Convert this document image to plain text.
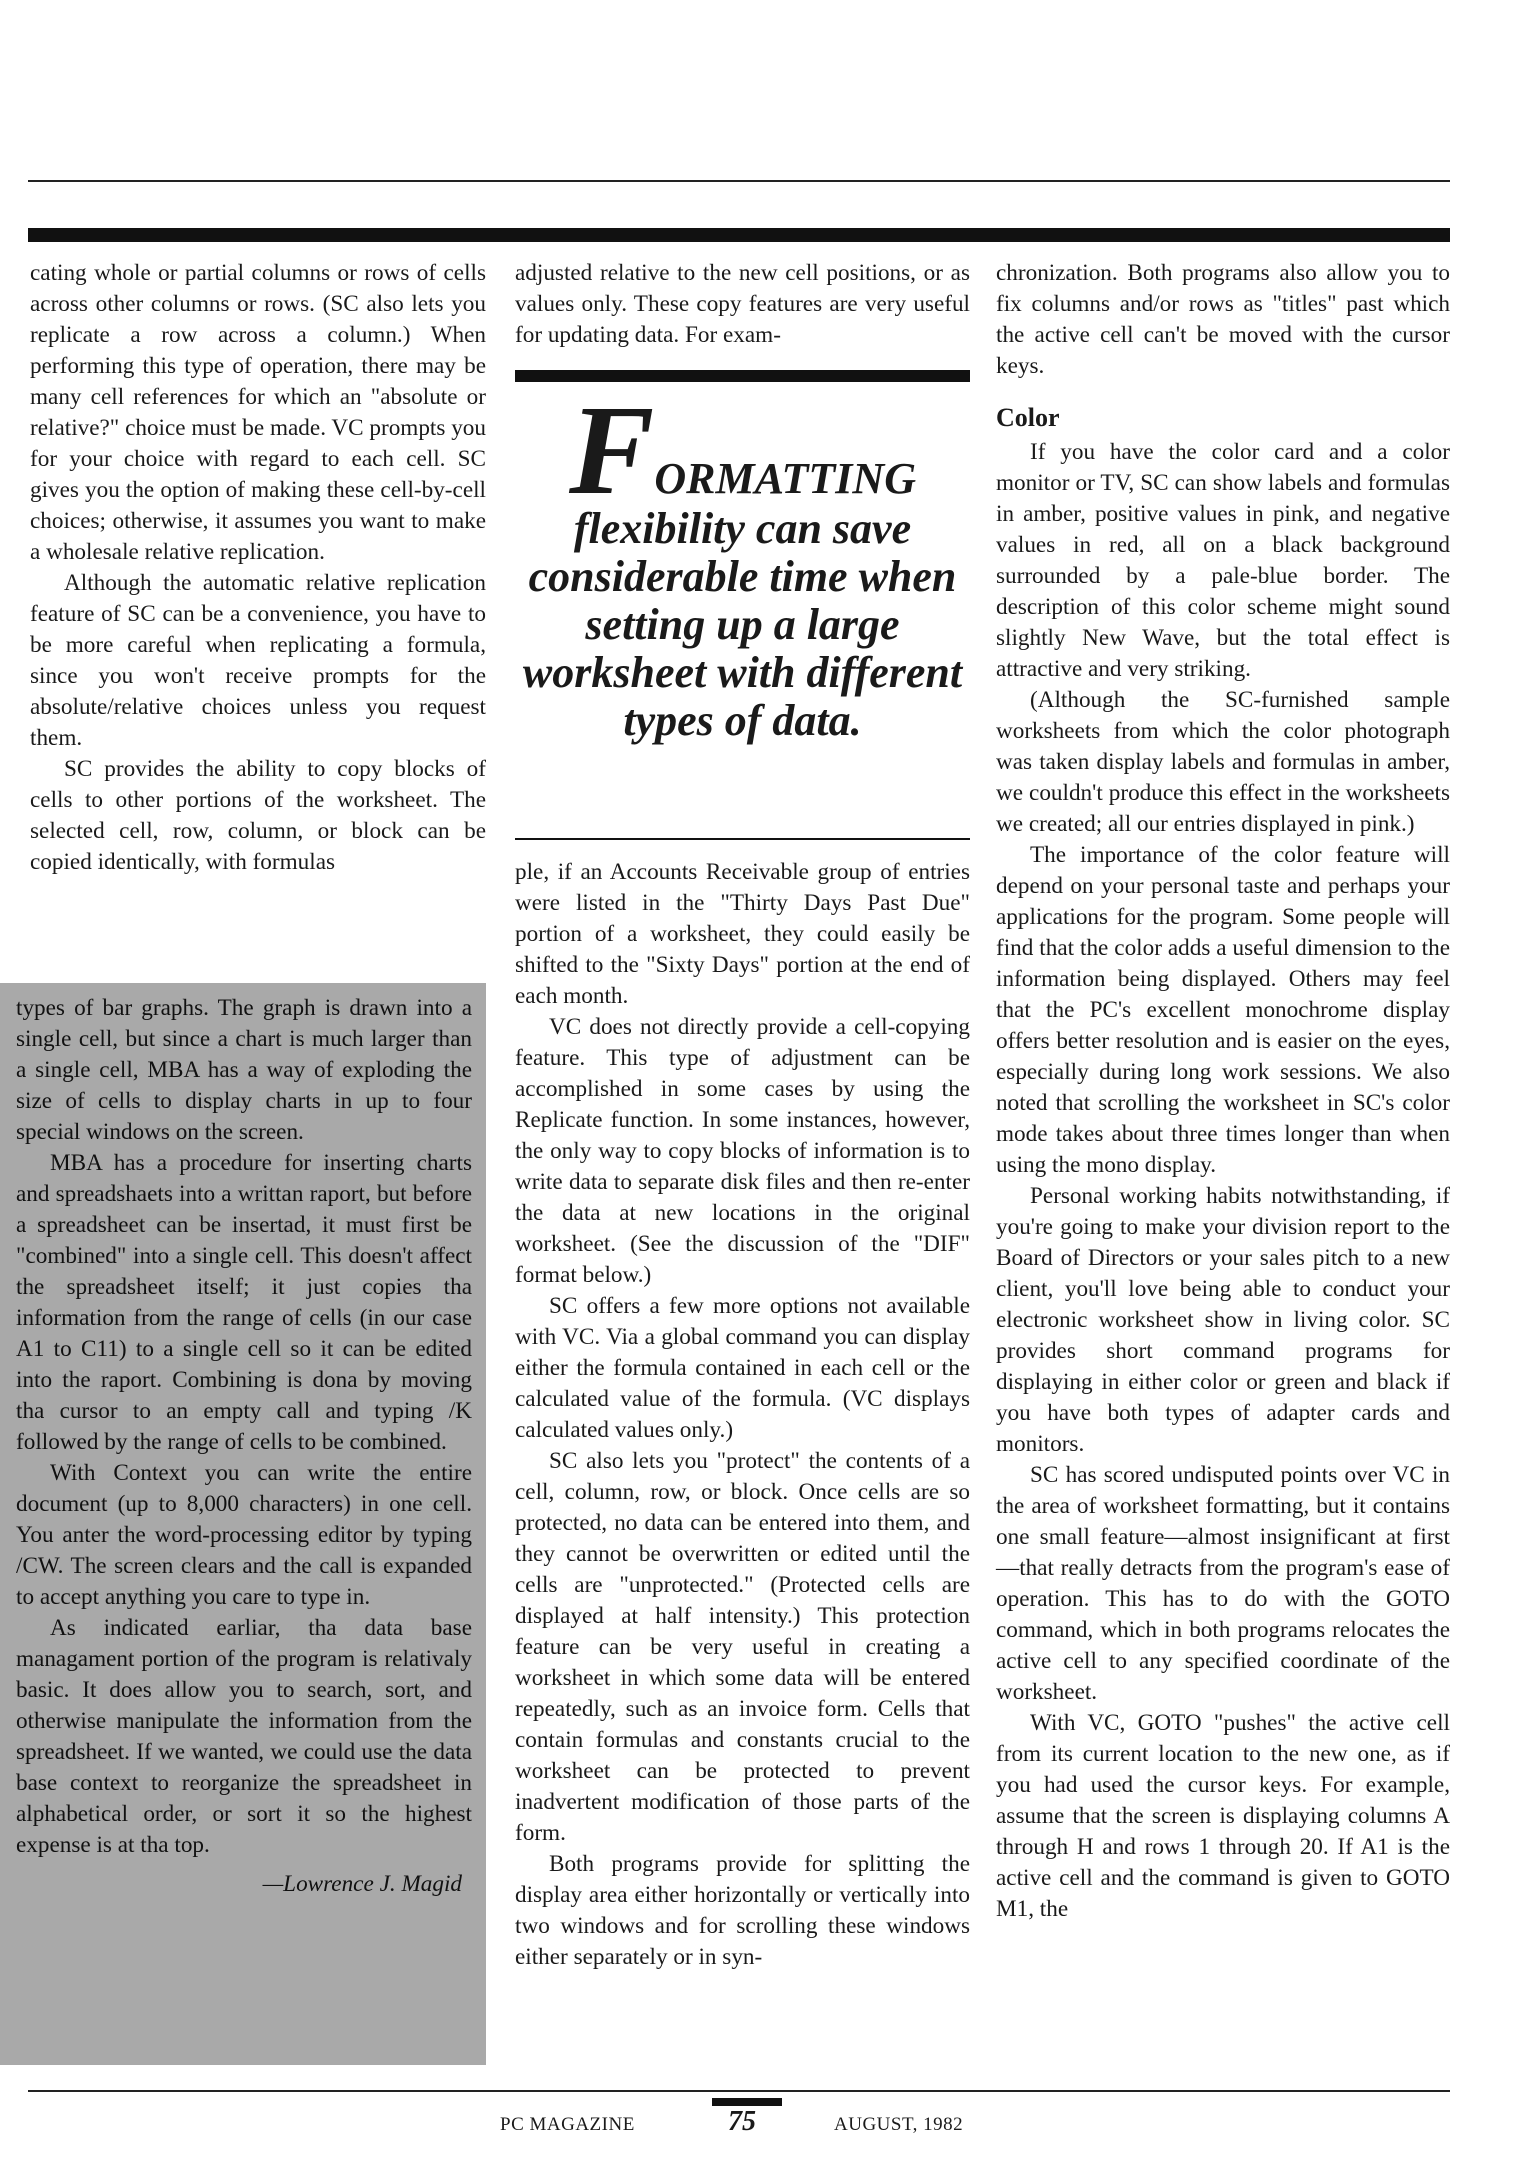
cating whole or partial columns or rows of cells across other columns or rows. (SC also lets you replicate a row across a column.) When performing this type of operation, there may be many cell references for which an "absolute or relative?" choice must be made. VC prompts you for your choice with regard to each cell. SC gives you the option of making these cell-by-cell choices; otherwise, it assumes you want to make a wholesale relative replication.

Although the automatic relative replication feature of SC can be a convenience, you have to be more careful when replicating a formula, since you won't receive prompts for the absolute/relative choices unless you request them.

SC provides the ability to copy blocks of cells to other portions of the worksheet. The selected cell, row, column, or block can be copied identically, with formulas

types of bar graphs. The graph is drawn into a single cell, but since a chart is much larger than a single cell, MBA has a way of exploding the size of cells to display charts in up to four special windows on the screen.

MBA has a procedure for inserting charts and spreadshaets into a writtan raport, but before a spreadsheet can be insertad, it must first be "combined" into a single cell. This doesn't affect the spreadsheet itself; it just copies tha information from the range of cells (in our case A1 to C11) to a single cell so it can be edited into the raport. Combining is dona by moving tha cursor to an empty call and typing /K followed by the range of cells to be combined.

With Context you can write the entire document (up to 8,000 characters) in one cell. You anter the word-processing editor by typing /CW. The screen clears and the call is expanded to accept anything you care to type in.

As indicated earliar, tha data base managament portion of the program is relativaly basic. It does allow you to search, sort, and otherwise manipulate the information from the spreadsheet. If we wanted, we could use the data base context to reorganize the spreadsheet in alphabetical order, or sort it so the highest expense is at tha top.

—Lowrence J. Magid

adjusted relative to the new cell positions, or as values only. These copy features are very useful for updating data. For exam-

FORMATTING
flexibility can save considerable time when setting up a large worksheet with different types of data.

ple, if an Accounts Receivable group of entries were listed in the "Thirty Days Past Due" portion of a worksheet, they could easily be shifted to the "Sixty Days" portion at the end of each month.

VC does not directly provide a cell-copying feature. This type of adjustment can be accomplished in some cases by using the Replicate function. In some instances, however, the only way to copy blocks of information is to write data to separate disk files and then re-enter the data at new locations in the original worksheet. (See the discussion of the "DIF" format below.)

SC offers a few more options not available with VC. Via a global command you can display either the formula contained in each cell or the calculated value of the formula. (VC displays calculated values only.)

SC also lets you "protect" the contents of a cell, column, row, or block. Once cells are so protected, no data can be entered into them, and they cannot be overwritten or edited until the cells are "unprotected." (Protected cells are displayed at half intensity.) This protection feature can be very useful in creating a worksheet in which some data will be entered repeatedly, such as an invoice form. Cells that contain formulas and constants crucial to the worksheet can be protected to prevent inadvertent modification of those parts of the form.

Both programs provide for splitting the display area either horizontally or vertically into two windows and for scrolling these windows either separately or in syn-

chronization. Both programs also allow you to fix columns and/or rows as "titles" past which the active cell can't be moved with the cursor keys.

Color

If you have the color card and a color monitor or TV, SC can show labels and formulas in amber, positive values in pink, and negative values in red, all on a black background surrounded by a pale-blue border. The description of this color scheme might sound slightly New Wave, but the total effect is attractive and very striking.

(Although the SC-furnished sample worksheets from which the color photograph was taken display labels and formulas in amber, we couldn't produce this effect in the worksheets we created; all our entries displayed in pink.)

The importance of the color feature will depend on your personal taste and perhaps your applications for the program. Some people will find that the color adds a useful dimension to the information being displayed. Others may feel that the PC's excellent monochrome display offers better resolution and is easier on the eyes, especially during long work sessions. We also noted that scrolling the worksheet in SC's color mode takes about three times longer than when using the mono display.

Personal working habits notwithstanding, if you're going to make your division report to the Board of Directors or your sales pitch to a new client, you'll love being able to conduct your electronic worksheet show in living color. SC provides short command programs for displaying in either color or green and black if you have both types of adapter cards and monitors.

SC has scored undisputed points over VC in the area of worksheet formatting, but it contains one small feature—almost insignificant at first—that really detracts from the program's ease of operation. This has to do with the GOTO command, which in both programs relocates the active cell to any specified coordinate of the worksheet.

With VC, GOTO "pushes" the active cell from its current location to the new one, as if you had used the cursor keys. For example, assume that the screen is displaying columns A through H and rows 1 through 20. If A1 is the active cell and the command is given to GOTO M1, the

PC MAGAZINE	75	AUGUST, 1982
